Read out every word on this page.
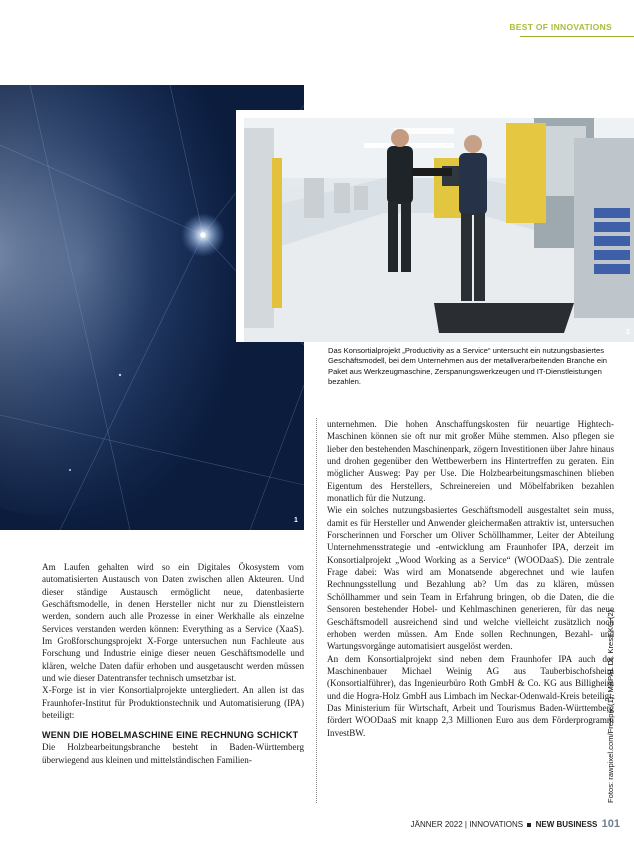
BEST OF INNOVATIONS
1
2
Das Konsortialprojekt „Productivity as a Service“ untersucht ein nutzungsbasiertes Geschäftsmodell, bei dem Unternehmen aus der metallverarbeitenden Branche ein Paket aus Werkzeugmaschine, Zerspanungswerkzeugen und IT-Dienstleistungen bezahlen.

Am Laufen gehalten wird so ein Digitales Ökosystem vom automatisierten Austausch von Daten zwischen allen Akteuren. Und dieser ständige Austausch ermöglicht neue, datenbasierte Geschäftsmodelle, in denen Hersteller nicht nur zu Dienstleistern werden, sondern auch alle Prozesse in einer Werkhalle als einzelne Services verstanden werden können: Everything as a Service (XaaS). Im Großforschungsprojekt X-Forge untersuchen nun Fachleute aus Forschung und Industrie einige dieser neuen Geschäftsmodelle und klären, welche Daten dafür erhoben und ausgetauscht werden müssen und wie dieser Datentransfer technisch umsetzbar ist.

X-Forge ist in vier Konsortialprojekte untergliedert. An allen ist das Fraunhofer-Institut für Produktionstechnik und Automatisierung (IPA) beteiligt:

WENN DIE HOBELMASCHINE EINE RECHNUNG SCHICKT

Die Holzbearbeitungsbranche besteht in Baden-Württemberg überwiegend aus kleinen und mittelständischen Familien-

unternehmen. Die hohen Anschaffungskosten für neuartige Hightech-Maschinen können sie oft nur mit großer Mühe stemmen. Also pflegen sie lieber den bestehenden Maschinenpark, zögern Investitionen über Jahre hinaus und drohen gegenüber den Wettbewerbern ins Hintertreffen zu geraten. Ein möglicher Ausweg: Pay per Use. Die Holzbearbeitungsmaschinen blieben Eigentum des Herstellers, Schreinereien und Möbelfabriken bezahlen monatlich für die Nutzung.

Wie ein solches nutzungsbasiertes Geschäftsmodell ausgestaltet sein muss, damit es für Hersteller und Anwender gleichermaßen attraktiv ist, untersuchen Forscherinnen und Forscher um Oliver Schöllhammer, Leiter der Abteilung Unternehmensstrategie und -entwicklung am Fraunhofer IPA, derzeit im Konsortialprojekt „Wood Working as a Service“ (WOODaaS). Die zentrale Frage dabei: Was wird am Monatsende abgerechnet und wie laufen Rechnungsstellung und Bezahlung ab? Um das zu klären, müssen Schöllhammer und sein Team in Erfahrung bringen, ob die Daten, die die Sensoren bestehender Hobel- und Kehlmaschinen generieren, für das neue Geschäftsmodell ausreichend sind und welche vielleicht zusätzlich noch erhoben werden müssen. Am Ende sollen Rechnungen, Bezahl- und Wartungsvorgänge automatisiert ausgelöst werden.

An dem Konsortialprojekt sind neben dem Fraunhofer IPA auch der Maschinenbauer Michael Weinig AG aus Tauberbischofsheim (Konsortialführer), das Ingenieurbüro Roth GmbH & Co. KG aus Billigheim und die Hogra-Holz GmbH aus Limbach im Neckar-Odenwald-Kreis beteiligt. Das Ministerium für Wirtschaft, Arbeit und Tourismus Baden-Württemberg fördert WOODaaS mit knapp 2,3 Millionen Euro aus dem Förderprogramm InvestBW.	Fotos: rawpixel.com/Freepik (1), MAPAL Dr. Kress KG (2)
JÄNNER 2022 | INNOVATIONS NEW BUSINESS 101
